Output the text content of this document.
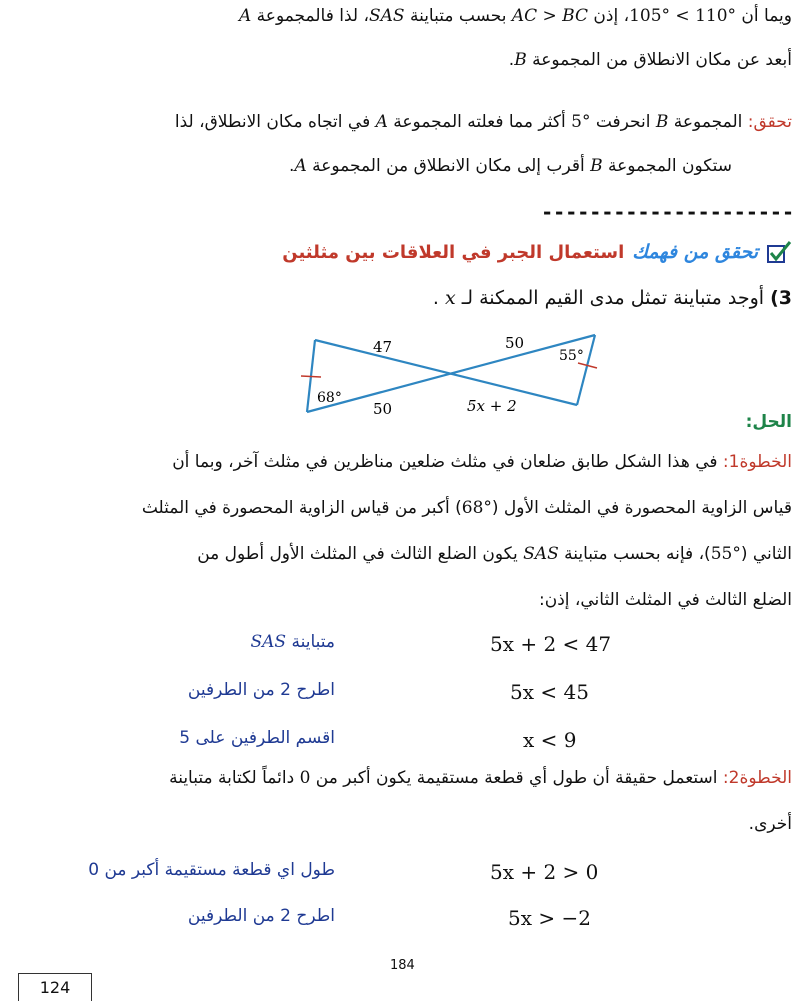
ويما أن 105° < 110°، إذن AC > BC بحسب متباينة SAS، لذا فالمجموعة A
أبعد عن مكان الانطلاق من المجموعة B.
تحقق: المجموعة B انحرفت 5° أكثر مما فعلته المجموعة A في اتجاه مكان الانطلاق، لذا
ستكون المجموعة B أقرب إلى مكان الانطلاق من المجموعة A.
---------------------
تحقق من فهمك
استعمال الجبر في العلاقات بين مثلثين
3) أوجد متباينة تمثل مدى القيم الممكنة لـ x .
47	50
55°
68°
50	5x + 2
الحل:
الخطوة1: في هذا الشكل طابق ضلعان في مثلث ضلعين مناظرين في مثلث آخر، وبما أن
قياس الزاوية المحصورة في المثلث الأول (68°) أكبر من قياس الزاوية المحصورة في المثلث
الثاني (55°)، فإنه بحسب متباينة SAS يكون الضلع الثالث في المثلث الأول أطول من
الضلع الثالث في المثلث الثاني، إذن:
5x + 2 < 47
متباينة SAS
5x < 45
اطرح 2 من الطرفين
x < 9
اقسم الطرفين على 5
الخطوة2: استعمل حقيقة أن طول أي قطعة مستقيمة يكون أكبر من 0 دائماً لكتابة متباينة
أخرى.
5x + 2 > 0
طول اي قطعة مستقيمة أكبر من 0
5x > −2
اطرح 2 من الطرفين
184
124
